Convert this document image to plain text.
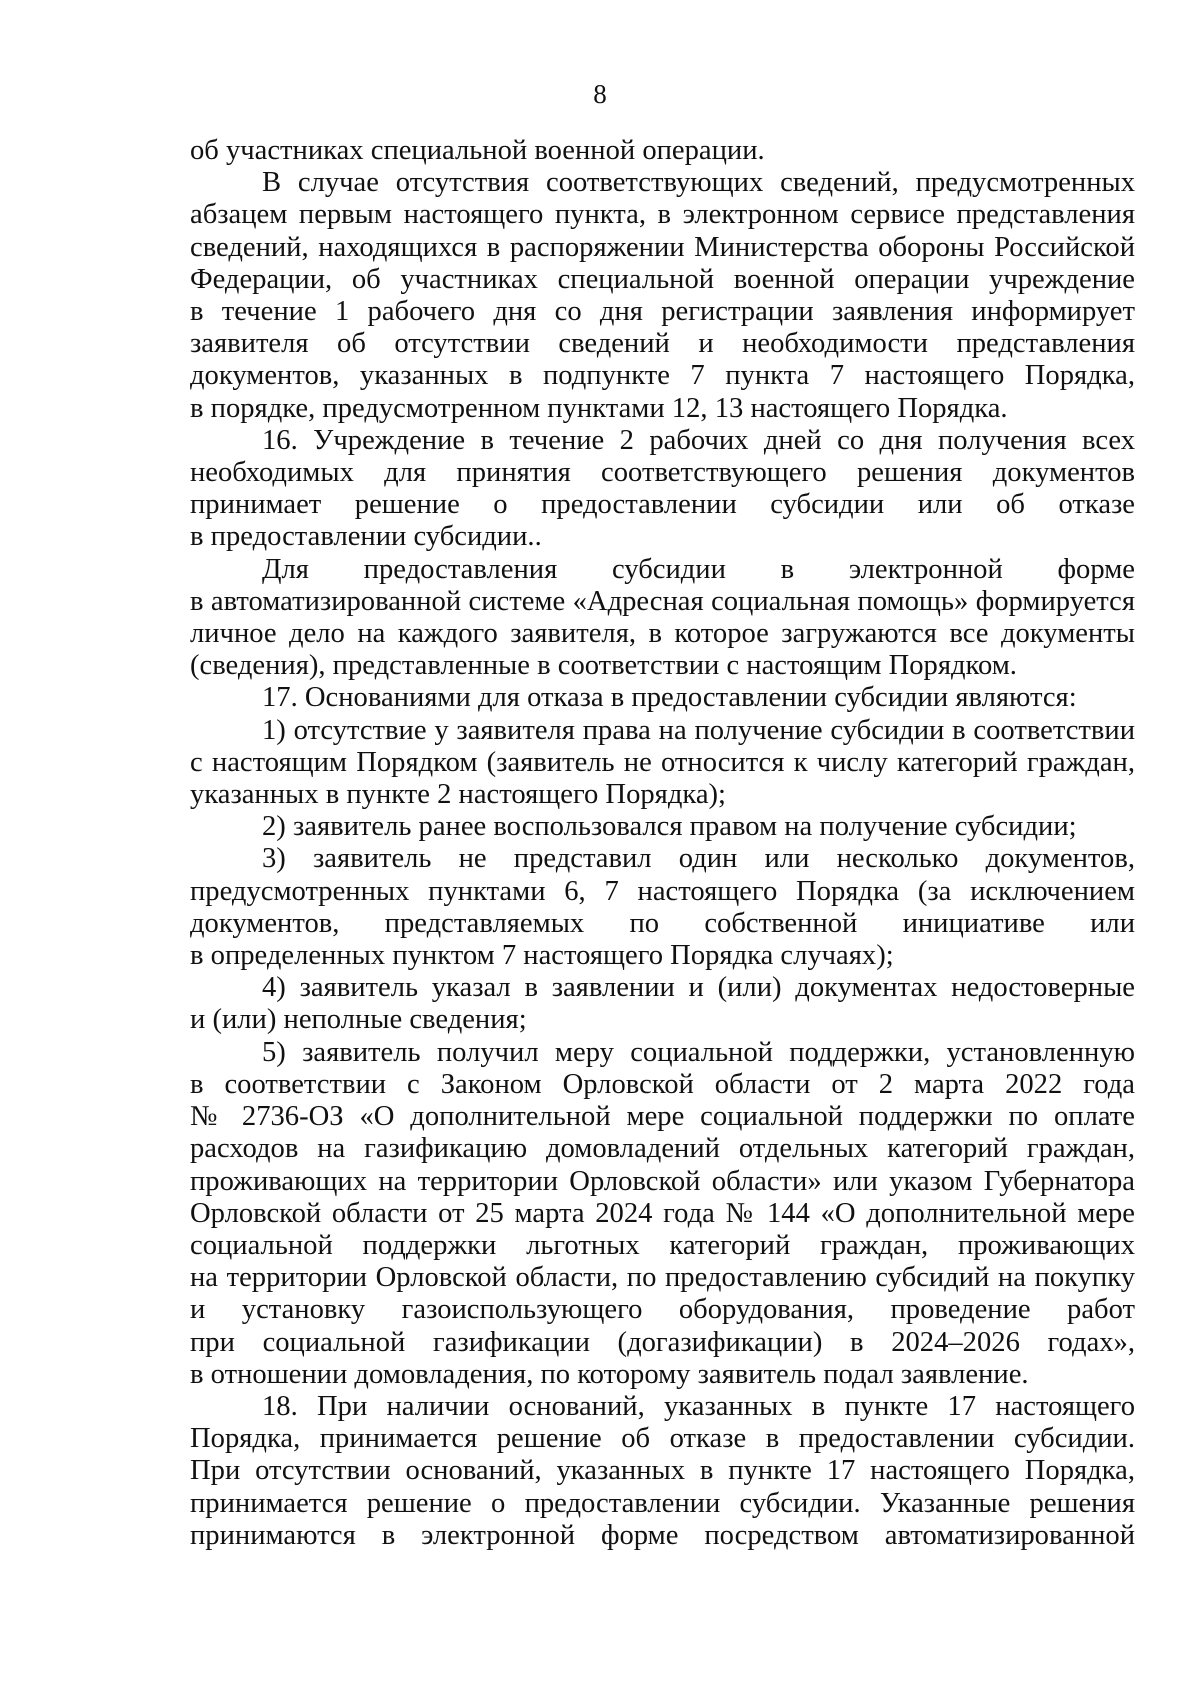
8
об участниках специальной военной операции.
В случае отсутствия соответствующих сведений, предусмотренных
абзацем первым настоящего пункта, в электронном сервисе представления
сведений, находящихся в распоряжении Министерства обороны Российской
Федерации, об участниках специальной военной операции учреждение
в течение 1 рабочего дня со дня регистрации заявления информирует
заявителя об отсутствии сведений и необходимости представления
документов, указанных в подпункте 7 пункта 7 настоящего Порядка,
в порядке, предусмотренном пунктами 12, 13 настоящего Порядка.
16. Учреждение в течение 2 рабочих дней со дня получения всех
необходимых для принятия соответствующего решения документов
принимает решение о предоставлении субсидии или об отказе
в предоставлении субсидии..
Для предоставления субсидии в электронной форме
в автоматизированной системе «Адресная социальная помощь» формируется
личное дело на каждого заявителя, в которое загружаются все документы
(сведения), представленные в соответствии с настоящим Порядком.
17. Основаниями для отказа в предоставлении субсидии являются:
1) отсутствие у заявителя права на получение субсидии в соответствии
с настоящим Порядком (заявитель не относится к числу категорий граждан,
указанных в пункте 2 настоящего Порядка);
2) заявитель ранее воспользовался правом на получение субсидии;
3) заявитель не представил один или несколько документов,
предусмотренных пунктами 6, 7 настоящего Порядка (за исключением
документов, представляемых по собственной инициативе или
в определенных пунктом 7 настоящего Порядка случаях);
4) заявитель указал в заявлении и (или) документах недостоверные
и (или) неполные сведения;
5) заявитель получил меру социальной поддержки, установленную
в соответствии с Законом Орловской области от 2 марта 2022 года
№ 2736-ОЗ «О дополнительной мере социальной поддержки по оплате
расходов на газификацию домовладений отдельных категорий граждан,
проживающих на территории Орловской области» или указом Губернатора
Орловской области от 25 марта 2024 года № 144 «О дополнительной мере
социальной поддержки льготных категорий граждан, проживающих
на территории Орловской области, по предоставлению субсидий на покупку
и установку газоиспользующего оборудования, проведение работ
при социальной газификации (догазификации) в 2024–2026 годах»,
в отношении домовладения, по которому заявитель подал заявление.
18. При наличии оснований, указанных в пункте 17 настоящего
Порядка, принимается решение об отказе в предоставлении субсидии.
При отсутствии оснований, указанных в пункте 17 настоящего Порядка,
принимается решение о предоставлении субсидии. Указанные решения
принимаются в электронной форме посредством автоматизированной
